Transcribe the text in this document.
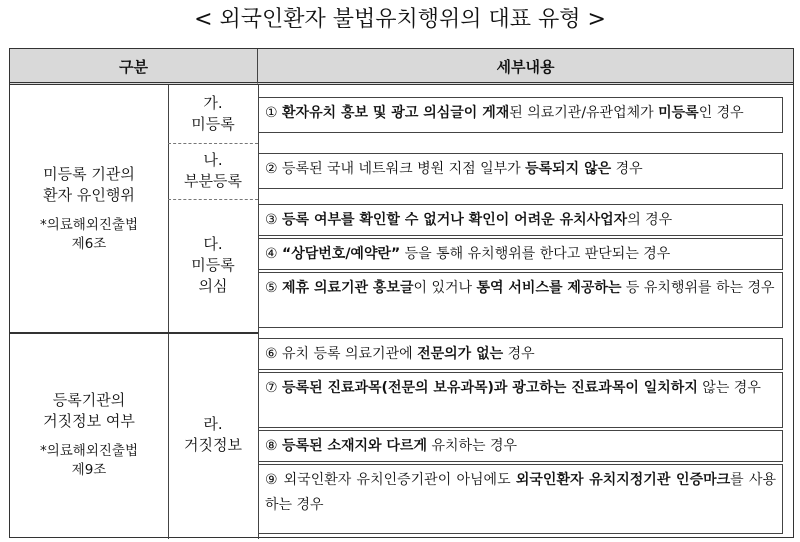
< 외국인환자 불법유치행위의 대표 유형 >
구분	세부내용
미등록 기관의
환자 유인행위
*의료해외진출법
제6조
등록기관의
거짓정보 여부
*의료해외진출법
제9조
가.
미등록
나.
부분등록
다.
미등록
의심
라.
거짓정보
① 환자유치 홍보 및 광고 의심글이 게재된 의료기관/유관업체가 미등록인 경우
② 등록된 국내 네트워크 병원 지점 일부가 등록되지 않은 경우
③ 등록 여부를 확인할 수 없거나 확인이 어려운 유치사업자의 경우
④ “상담번호/예약란” 등을 통해 유치행위를 한다고 판단되는 경우
⑤ 제휴 의료기관 홍보글이 있거나 통역 서비스를 제공하는 등 유치행위를 하는 경우
⑥ 유치 등록 의료기관에 전문의가 없는 경우
⑦ 등록된 진료과목(전문의 보유과목)과 광고하는 진료과목이 일치하지 않는 경우
⑧ 등록된 소재지와 다르게 유치하는 경우
⑨ 외국인환자 유치인증기관이 아님에도 외국인환자 유치지정기관 인증마크를 사용하는 경우
